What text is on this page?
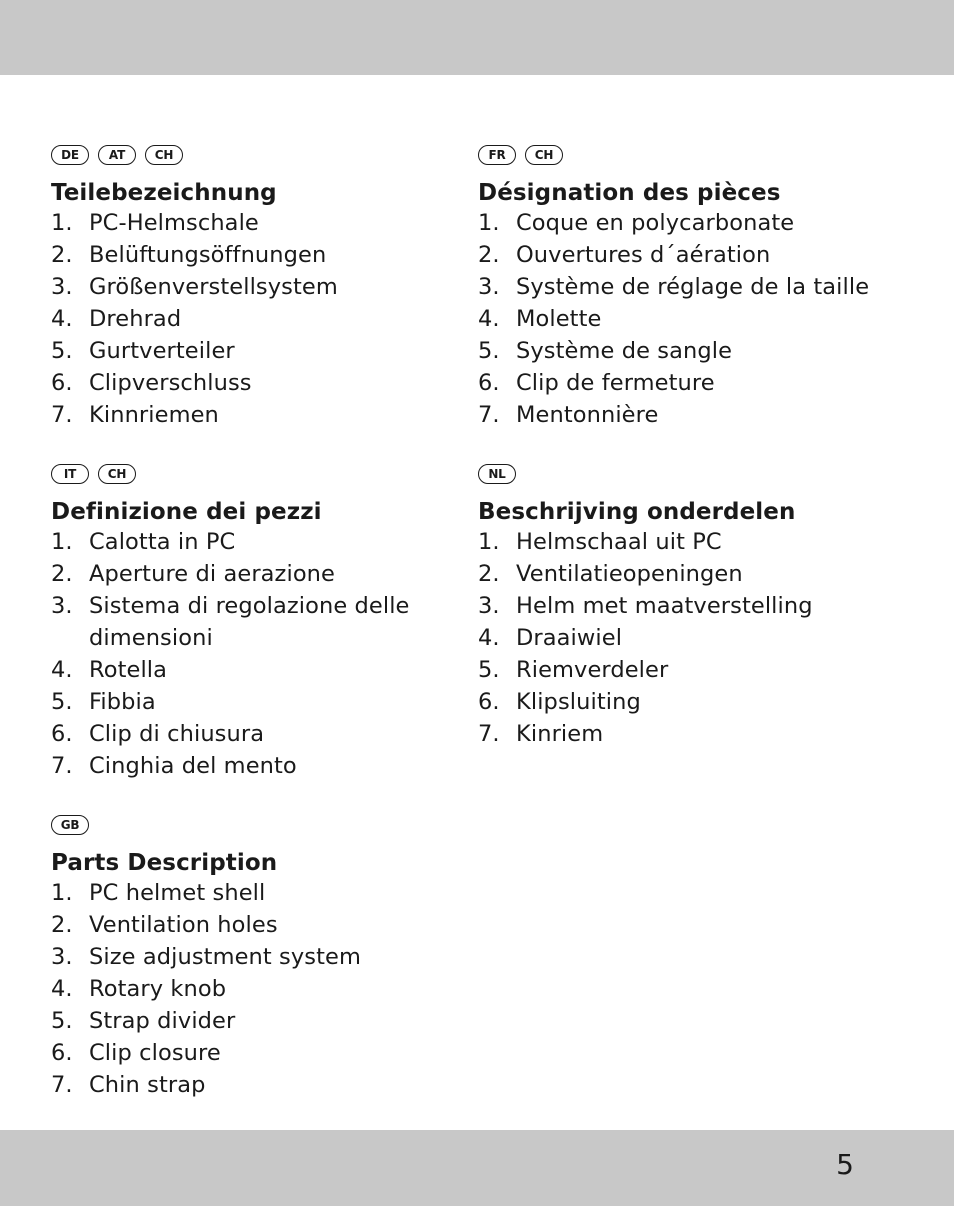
DE	AT	CH
Teilebezeichnung
1. PC-Helmschale
2. Belüftungsöffnungen
3. Größenverstellsystem
4. Drehrad
5. Gurtverteiler
6. Clipverschluss
7. Kinnriemen
IT	CH
Definizione dei pezzi
1. Calotta in PC
2. Aperture di aerazione
3. Sistema di regolazione delle dimensioni
4. Rotella
5. Fibbia
6. Clip di chiusura
7. Cinghia del mento
GB
Parts Description
1. PC helmet shell
2. Ventilation holes
3. Size adjustment system
4. Rotary knob
5. Strap divider
6. Clip closure
7. Chin strap
FR	CH
Désignation des pièces
1. Coque en polycarbonate
2. Ouvertures d´aération
3. Système de réglage de la taille
4. Molette
5. Système de sangle
6. Clip de fermeture
7. Mentonnière
NL
Beschrijving onderdelen
1. Helmschaal uit PC
2. Ventilatieopeningen
3. Helm met maatverstelling
4. Draaiwiel
5. Riemverdeler
6. Klipsluiting
7. Kinriem
5
